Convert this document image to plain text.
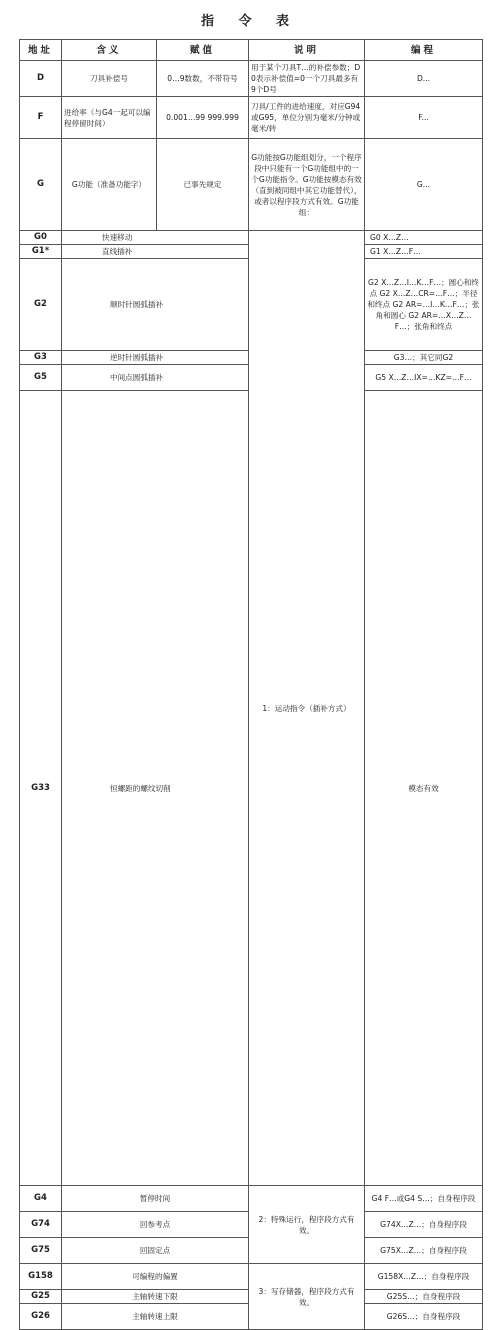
指 令 表
地址	含义	赋值	说明	编程	
D	刀具补偿号	0…9数数，不带符号	用于某个刀具T…的补偿参数；D0表示补偿值=0一个刀具最多有9个D号	D...	
F	进给率（与G4一起可以编程停留时间）	0.001…99 999.999	刀具/工件的进给速度，对应G94或G95，单位分别为毫米/分钟或毫米/转	F...	
G	G功能（准备功能字）	已事先规定	G功能按G功能组划分，一个程序段中只能有一个G功能组中的一个G功能指令。G功能按模态有效（直到被同组中其它功能替代），或者以程序段方式有效。G功能组：	G...	
G0	快速移动		1：运动指令（插补方式）	G0 X…Z…	
G1*	直线插补			G1 X…Z…F…	
G2	顺时针圆弧插补			G2 X…Z…I…K…F…；圆心和终点 G2 X…Z…CR=…F…；半径和终点 G2 AR=…I…K…F…；张角和圆心 G2 AR=…X…Z…F…；张角和终点	
G3	逆时针圆弧插补			G3…；其它同G2	
G5	中间点圆弧插补			G5 X…Z…IX=…KZ=…F…	
G33	恒螺距的螺纹切削			模态有效	
G4	暂停时间		2：特殊运行，程序段方式有效。	G4 F…或G4 S…；自身程序段	
G74	回参考点			G74X…Z…；自身程序段	
G75	回固定点			G75X…Z…；自身程序段	
G158	可编程的偏置		3：写存储器，程序段方式有效。	G158X…Z…；自身程序段	
G25	主轴转速下限			G25S…；自身程序段	
G26	主轴转速上限			G26S…；自身程序段	
